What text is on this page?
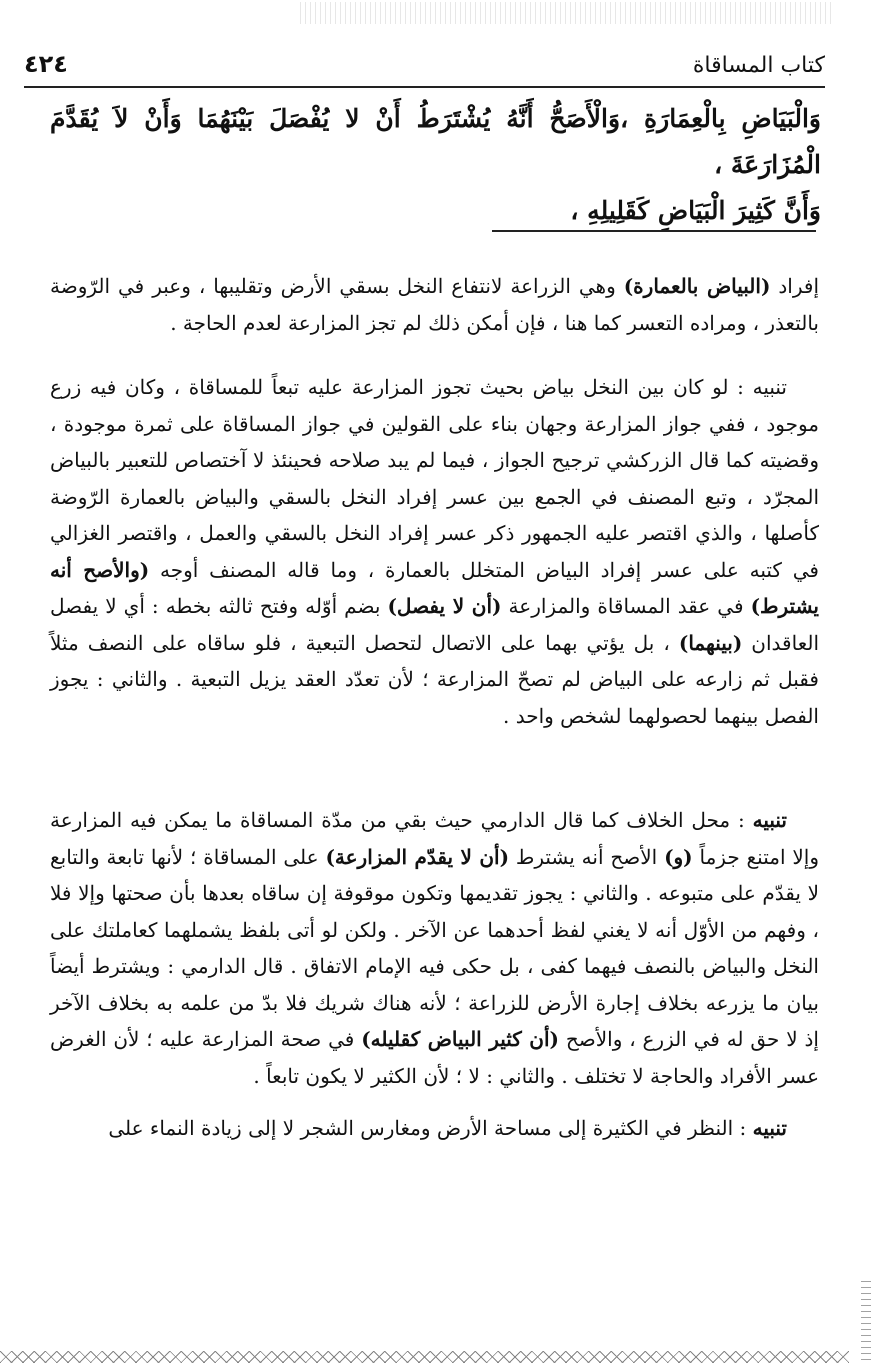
كتاب المساقاة
٤٢٤

وَالْبَيَاضِ بِالْعِمَارَةِ ،وَالْأَصَحُّ أَنَّهُ يُشْتَرَطُ أَنْ لا يُفْصَلَ بَيْنَهُمَا وَأَنْ لاَ يُقَدَّمَ الْمُزَارَعَةَ ،

وَأَنَّ كَثِيرَ الْبَيَاضِ كَقَلِيلِهِ ،

إفراد (البياض بالعمارة) وهي الزراعة لانتفاع النخل بسقي الأرض وتقليبها ، وعبر في الرّوضة بالتعذر ، ومراده التعسر كما هنا ، فإن أمكن ذلك لم تجز المزارعة لعدم الحاجة .

تنبيه : لو كان بين النخل بياض بحيث تجوز المزارعة عليه تبعاً للمساقاة ، وكان فيه زرع موجود ، ففي جواز المزارعة وجهان بناء على القولين في جواز المساقاة على ثمرة موجودة ، وقضيته كما قال الزركشي ترجيح الجواز ، فيما لم يبد صلاحه فحينئذ لا آختصاص للتعبير بالبياض المجرّد ، وتبع المصنف في الجمع بين عسر إفراد النخل بالسقي والبياض بالعمارة الرّوضة كأصلها ، والذي اقتصر عليه الجمهور ذكر عسر إفراد النخل بالسقي والعمل ، واقتصر الغزالي في كتبه على عسر إفراد البياض المتخلل بالعمارة ، وما قاله المصنف أوجه (والأصح أنه يشترط) في عقد المساقاة والمزارعة (أن لا يفصل) بضم أوّله وفتح ثالثه بخطه : أي لا يفصل العاقدان (بينهما) ، بل يؤتي بهما على الاتصال لتحصل التبعية ، فلو ساقاه على النصف مثلاً فقبل ثم زارعه على البياض لم تصحّ المزارعة ؛ لأن تعدّد العقد يزيل التبعية . والثاني : يجوز الفصل بينهما لحصولهما لشخص واحد .

تنبيه : محل الخلاف كما قال الدارمي حيث بقي من مدّة المساقاة ما يمكن فيه المزارعة وإلا امتنع جزماً (و) الأصح أنه يشترط (أن لا يقدّم المزارعة) على المساقاة ؛ لأنها تابعة والتابع لا يقدّم على متبوعه . والثاني : يجوز تقديمها وتكون موقوفة إن ساقاه بعدها بأن صحتها وإلا فلا ، وفهم من الأوّل أنه لا يغني لفظ أحدهما عن الآخر . ولكن لو أتى بلفظ يشملهما كعاملتك على النخل والبياض بالنصف فيهما كفى ، بل حكى فيه الإمام الاتفاق . قال الدارمي : ويشترط أيضاً بيان ما يزرعه بخلاف إجارة الأرض للزراعة ؛ لأنه هناك شريك فلا بدّ من علمه به بخلاف الآخر إذ لا حق له في الزرع ، والأصح (أن كثير البياض كقليله) في صحة المزارعة عليه ؛ لأن الغرض عسر الأفراد والحاجة لا تختلف . والثاني : لا ؛ لأن الكثير لا يكون تابعاً .

تنبيه : النظر في الكثيرة إلى مساحة الأرض ومغارس الشجر لا إلى زيادة النماء على
